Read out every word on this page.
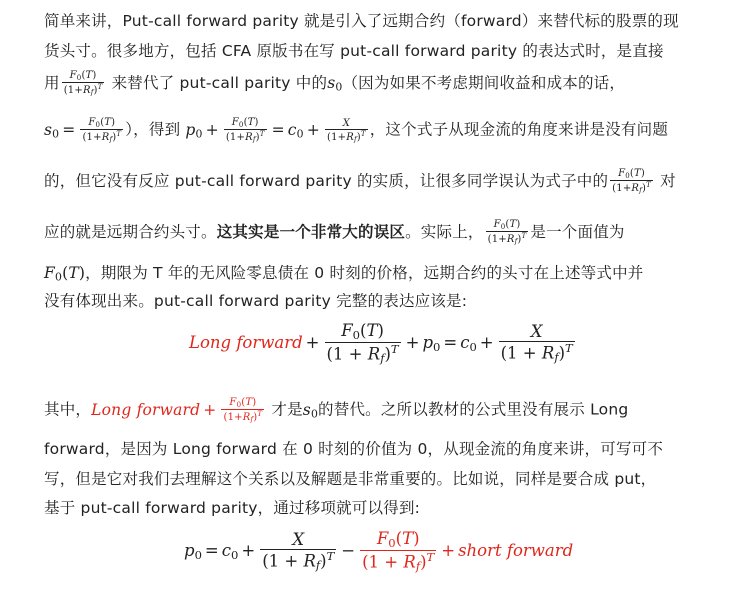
简单来讲，Put-call forward parity 就是引入了远期合约（forward）来替代标的股票的现
货头寸。很多地方，包括 CFA 原版书在写 put-call forward parity 的表达式时，是直接
用 $\frac{F_0(T)}{(1+R_f)^T}$ 来替代了 put-call parity 中的$s_0$（因为如果不考虑期间收益和成本的话，
$s_0 = \frac{F_0(T)}{(1+R_f)^T}$ ），得到 $p_0 + \frac{F_0(T)}{(1+R_f)^T} = c_0 + \frac{X}{(1+R_f)^T}$ ，这个式子从现金流的角度来讲是没有问题
的，但它没有反应 put-call forward parity 的实质，让很多同学误认为式子中的 $\frac{F_0(T)}{(1+R_f)^T}$ 对
应的就是远期合约头寸。这其实是一个非常大的误区。实际上， $\frac{F_0(T)}{(1+R_f)^T}$ 是一个面值为
$F_0(T)$，期限为 T 年的无风险零息债在 0 时刻的价格，远期合约的头寸在上述等式中并
没有体现出来。put-call forward parity 完整的表达应该是:
Long forward + $\frac{F_0(T)}{(1 + R_f)^T} + p_0 = c_0 + \frac{X}{(1 + R_f)^T}$
其中，Long forward + $\frac{F_0(T)}{(1+R_f)^T}$ 才是$s_0$的替代。之所以教材的公式里没有展示 Long
forward，是因为 Long forward 在 0 时刻的价值为 0，从现金流的角度来讲，可写可不
写，但是它对我们去理解这个关系以及解题是非常重要的。比如说，同样是要合成 put，
基于 put-call forward parity，通过移项就可以得到:
$p_0 = c_0 + \frac{X}{(1 + R_f)^T} - \frac{F_0(T)}{(1 + R_f)^T}$ + short forward
